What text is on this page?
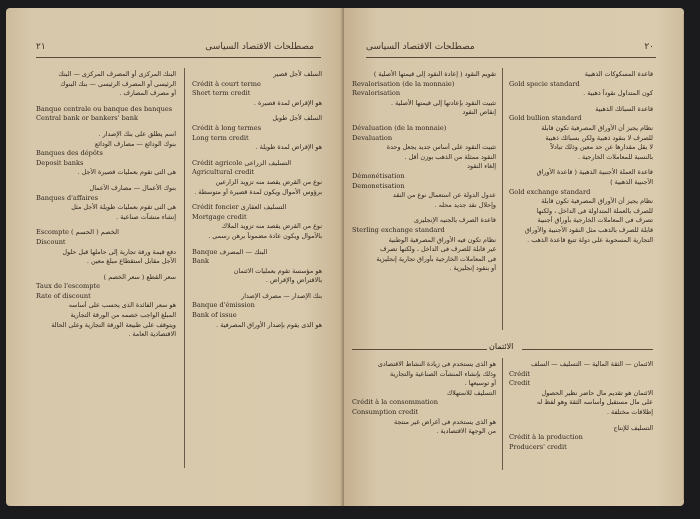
٢١	مصطلحات الاقتصاد السياسى
البنك المركزى أو المصرف المركزى — البنك
الرئيسى أو المصرف الرئيسى — بنك البنوك
أو مصرف المصارف .
Banque centrale ou banque des banques
Central bank or bankers' bank
اسم يطلق على بنك الإصدار .
بنوك الودائع — مصارف الودائع
Banques des dépôts
Deposit banks
هى التى تقوم بعمليات قصيرة الأجل .
بنوك الأعمال — مصارف الأعمال
Banques d'affaires
هى التى تقوم بعمليات طويلة الأجل مثل
إنشاء منشآت صناعية .
Escompte الخصم ( الحسم )
Discount
دفع قيمة ورقة تجارية إلى حاملها قبل حلول
الأجل مقابل استقطاع مبلغ معين .
سعر القطع ( سعر الخصم )
Taux de l'escompte
Rate of discount
هو سعر الفائدة الذى يحسب على أساسه
المبلغ الواجب خصمه من الورقة التجارية
ويتوقف على طبيعة الورقة التجارية وعلى الحالة
الاقتصادية العامة .
السلف لأجل قصير
Crédit à court terme
Short term credit
هو الإقراض لمدة قصيرة .
السلف لأجل طويل
Crédit à long termes
Long term credit
هو الإقراض لمدة طويلة .
Crédit agricole التسليف الزراعى
Agricultural credit
نوع من القرض يقصد منه تزويد الزارعين
برؤوس الأموال ويكون لمدة قصيرة أو متوسطة .
Crédit foncier التسليف العقارى
Mortgage credit
نوع من القرض يقصد منه تزويد الملاك
بالأموال ويكون عادة مضموناً برهن رسمى .
Banque البنك — المصرف
Bank
هو مؤسسة تقوم بعمليات الائتمان
بالاقتراض والإقراض .
بنك الإصدار — مصرف الإصدار
Banque d'émission
Bank of issue
هو الذى يقوم بإصدار الأوراق المصرفية .
مصطلحات الاقتصاد السياسى	٢٠
تقويم النقود ( إعادة النقود إلى قيمتها الأصلية )
Revalorisation (de la monnaie)
Revalorisation
تثبيت النقود بإعادتها إلى قيمتها الأصلية .
إنقاص النقود
Dévaluation (de la monnaie)
Devaluation
تثبيت النقود على أساس جديد يجعل وحدة
النقود ممثلة من الذهب بوزن أقل .
إلغاء النقود
Démonétisation
Demonetisation
عدول الدولة عن استعمال نوع من النقد
وإحلال نقد جديد محله .
قاعدة الصرف بالجنيه الإنجليزى
Sterling exchange standard
نظام تكون فيه الأوراق المصرفية الوطنية
غير قابلة للصرف فى الداخل ، ولكنها تصرف
فى المعاملات الخارجية بأوراق تجارية إنجليزية
أو بنقود إنجليزية .
قاعدة المسكوكات الذهبية
Gold specie standard
كون المتداول نقوداً ذهبية .
قاعدة السبائك الذهبية
Gold bullion standard
نظام يجيز أن الأوراق المصرفية تكون قابلة
للصرف لا بنقود ذهبية ولكن بسبائك ذهبية
لا يقل مقدارها عن حد معين وذلك تبادلاً
بالنسبة للمعاملات الخارجية .
قاعدة العملة الأجنبية الذهبية ( قاعدة الأوراق
الأجنبية الذهبية )
Gold exchange standard
نظام يجيز أن الأوراق المصرفية تكون قابلة
للصرف بالعملة المتداولة فى الداخل ، ولكنها
تصرف فى المعاملات الخارجية بأوراق أجنبية
قابلة للصرف بالذهب مثل النقود الأجنبية والأوراق
التجارية المسحوبة على دولة تتبع قاعدة الذهب .
الائتمان
هو الذى يستخدم فى زيادة النشاط الاقتصادى
وذلك بإنشاء المنشآت الصناعية والتجارية
أو توسيعها .
التسليف للاستهلاك
Crédit à la consommation
Consumption credit
هو الذى يستخدم فى أغراض غير منتجة
من الوجهة الاقتصادية .
الائتمان — الثقة المالية — التسليف — السلف
Crédit
Credit
الائتمان هو تقديم مال حاضر نظير الحصول
على مال مستقبل وأساسه الثقة وهو لفظ له
إطلاقات مختلفة .
التسليف للإنتاج
Crédit à la production
Producers' credit
